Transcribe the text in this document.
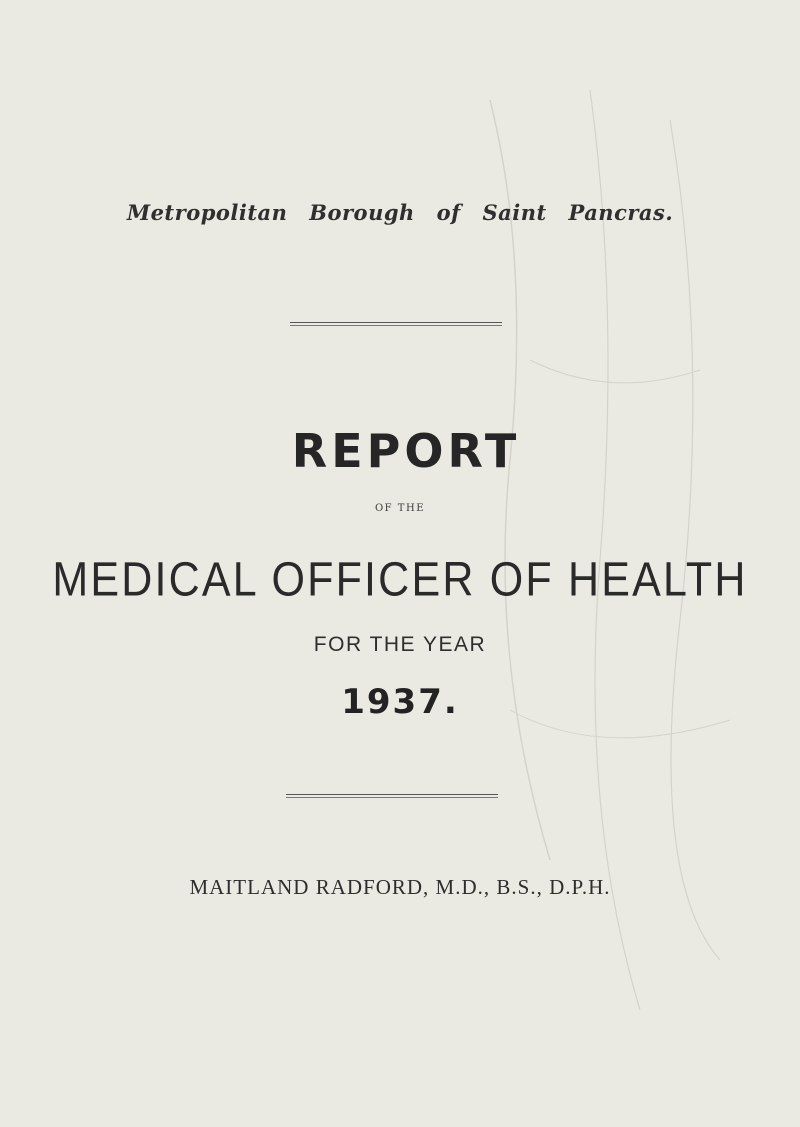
Metropolitan Borough of Saint Pancras.
REPORT
OF THE
MEDICAL OFFICER OF HEALTH
FOR THE YEAR
1937.
MAITLAND RADFORD, M.D., B.S., D.P.H.
